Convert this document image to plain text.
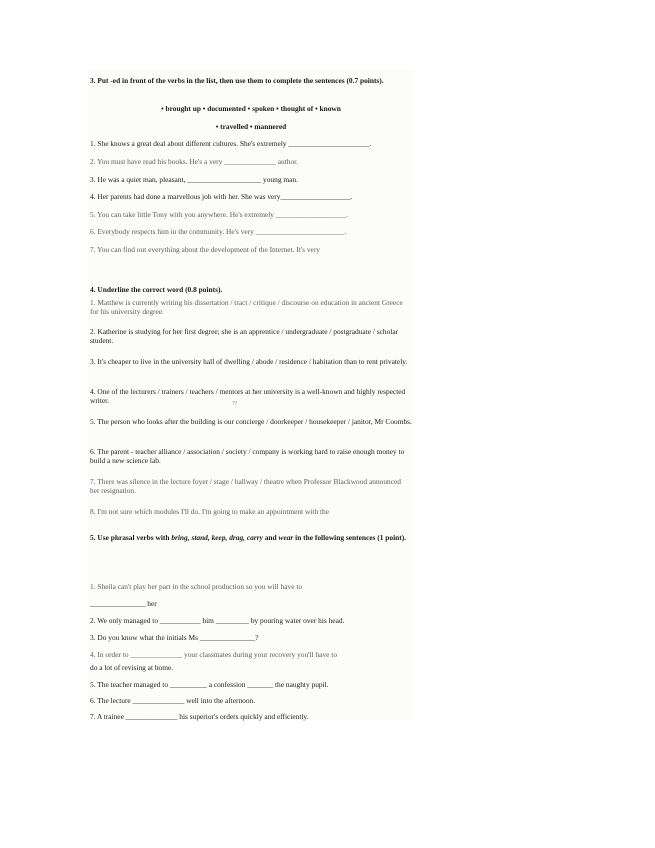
3. Put -ed in front of the verbs in the list, then use them to complete the sentences (0.7 points).
• brought up • documented • spoken • thought of • known
• travelled • mannered
1. She knows a great deal about different cultures. She's extremely ______________________.
2. You must have read his books. He's a very ______________ author.
3. He was a quiet man, pleasant, ____________________ young man.
4. Her parents had done a marvellous job with her. She was very___________________.
5. You can take little Tony with you anywhere. He's extremely ___________________.
6. Everybody respects him in the community. He's very ________________________.
7. You can find out everything about the development of the Internet. It's very
4. Underline the correct word (0.8 points).
1. Matthew is currently writing his dissertation / tract / critique / discourse on education in ancient Greece for his university degree.
2. Katherine is studying for her first degree; she is an apprentice / undergraduate / postgraduate / scholar student.
3. It's cheaper to live in the university hall of dwelling / abode / residence / habitation than to rent privately.
4. One of the lecturers / trainers / teachers / mentors at her university is a well-known and highly respected writer.	??
5. The person who looks after the building is our concierge / doorkeeper / housekeeper / janitor, Mr Coombs.
6. The parent - teacher alliance / association / society / company is working hard to raise enough money to build a new science lab.
7. There was silence in the lecture foyer / stage / hallway / theatre when Professor Blackwood announced her resignation.
8. I'm not sure which modules I'll do. I'm going to make an appointment with the
5. Use phrasal verbs with bring, stand, keep, drag, carry and wear in the following sentences (1 point).
1. Sheila can't play her part in the school production so you will have to
_______________ her
2. We only managed to ___________ him _________ by pouring water over his head.
3. Do you know what the initials Ms _______________?
4. In order to ______________ your classmates during your recovery you'll have to
do a lot of revising at home.
5. The teacher managed to __________ a confession _______ the naughty pupil.
6. The lecture ______________ well into the afternoon.
7. A trainee ______________ his superior's orders quickly and efficiently.
